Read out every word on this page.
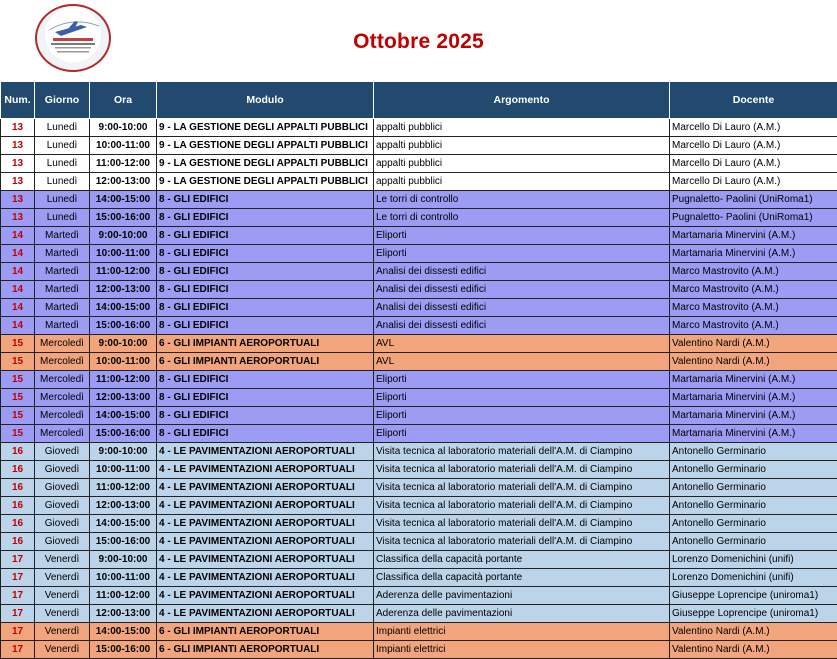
Ottobre 2025
Num.	Giorno	Ora	Modulo	Argomento	Docente
13	Lunedì	9:00-10:00	9 - LA GESTIONE DEGLI APPALTI PUBBLICI	appalti pubblici	Marcello Di Lauro (A.M.)
13	Lunedì	10:00-11:00	9 - LA GESTIONE DEGLI APPALTI PUBBLICI	appalti pubblici	Marcello Di Lauro (A.M.)
13	Lunedì	11:00-12:00	9 - LA GESTIONE DEGLI APPALTI PUBBLICI	appalti pubblici	Marcello Di Lauro (A.M.)
13	Lunedì	12:00-13:00	9 - LA GESTIONE DEGLI APPALTI PUBBLICI	appalti pubblici	Marcello Di Lauro (A.M.)
13	Lunedì	14:00-15:00	8 - GLI EDIFICI	Le torri di controllo	Pugnaletto- Paolini (UniRoma1)
13	Lunedì	15:00-16:00	8 - GLI EDIFICI	Le torri di controllo	Pugnaletto- Paolini (UniRoma1)
14	Martedì	9:00-10:00	8 - GLI EDIFICI	Eliporti	Martamaria Minervini (A.M.)
14	Martedì	10:00-11:00	8 - GLI EDIFICI	Eliporti	Martamaria Minervini (A.M.)
14	Martedì	11:00-12:00	8 - GLI EDIFICI	Analisi dei dissesti edifici	Marco Mastrovito (A.M.)
14	Martedì	12:00-13:00	8 - GLI EDIFICI	Analisi dei dissesti edifici	Marco Mastrovito (A.M.)
14	Martedì	14:00-15:00	8 - GLI EDIFICI	Analisi dei dissesti edifici	Marco Mastrovito (A.M.)
14	Martedì	15:00-16:00	8 - GLI EDIFICI	Analisi dei dissesti edifici	Marco Mastrovito (A.M.)
15	Mercoledì	9:00-10:00	6 - GLI IMPIANTI AEROPORTUALI	AVL	Valentino Nardi (A.M.)
15	Mercoledì	10:00-11:00	6 - GLI IMPIANTI AEROPORTUALI	AVL	Valentino Nardi (A.M.)
15	Mercoledì	11:00-12:00	8 - GLI EDIFICI	Eliporti	Martamaria Minervini (A.M.)
15	Mercoledì	12:00-13:00	8 - GLI EDIFICI	Eliporti	Martamaria Minervini (A.M.)
15	Mercoledì	14:00-15:00	8 - GLI EDIFICI	Eliporti	Martamaria Minervini (A.M.)
15	Mercoledì	15:00-16:00	8 - GLI EDIFICI	Eliporti	Martamaria Minervini (A.M.)
16	Giovedì	9:00-10:00	4 - LE PAVIMENTAZIONI AEROPORTUALI	Visita tecnica al laboratorio materiali dell'A.M. di Ciampino	Antonello Germinario
16	Giovedì	10:00-11:00	4 - LE PAVIMENTAZIONI AEROPORTUALI	Visita tecnica al laboratorio materiali dell'A.M. di Ciampino	Antonello Germinario
16	Giovedì	11:00-12:00	4 - LE PAVIMENTAZIONI AEROPORTUALI	Visita tecnica al laboratorio materiali dell'A.M. di Ciampino	Antonello Germinario
16	Giovedì	12:00-13:00	4 - LE PAVIMENTAZIONI AEROPORTUALI	Visita tecnica al laboratorio materiali dell'A.M. di Ciampino	Antonello Germinario
16	Giovedì	14:00-15:00	4 - LE PAVIMENTAZIONI AEROPORTUALI	Visita tecnica al laboratorio materiali dell'A.M. di Ciampino	Antonello Germinario
16	Giovedì	15:00-16:00	4 - LE PAVIMENTAZIONI AEROPORTUALI	Visita tecnica al laboratorio materiali dell'A.M. di Ciampino	Antonello Germinario
17	Venerdì	9:00-10:00	4 - LE PAVIMENTAZIONI AEROPORTUALI	Classifica della capacità portante	Lorenzo Domenichini (unifi)
17	Venerdì	10:00-11:00	4 - LE PAVIMENTAZIONI AEROPORTUALI	Classifica della capacità portante	Lorenzo Domenichini (unifi)
17	Venerdì	11:00-12:00	4 - LE PAVIMENTAZIONI AEROPORTUALI	Aderenza delle pavimentazioni	Giuseppe Loprencipe (uniroma1)
17	Venerdì	12:00-13:00	4 - LE PAVIMENTAZIONI AEROPORTUALI	Aderenza delle pavimentazioni	Giuseppe Loprencipe (uniroma1)
17	Venerdì	14:00-15:00	6 - GLI IMPIANTI AEROPORTUALI	Impianti elettrici	Valentino Nardi (A.M.)
17	Venerdì	15:00-16:00	6 - GLI IMPIANTI AEROPORTUALI	Impianti elettrici	Valentino Nardi (A.M.)
